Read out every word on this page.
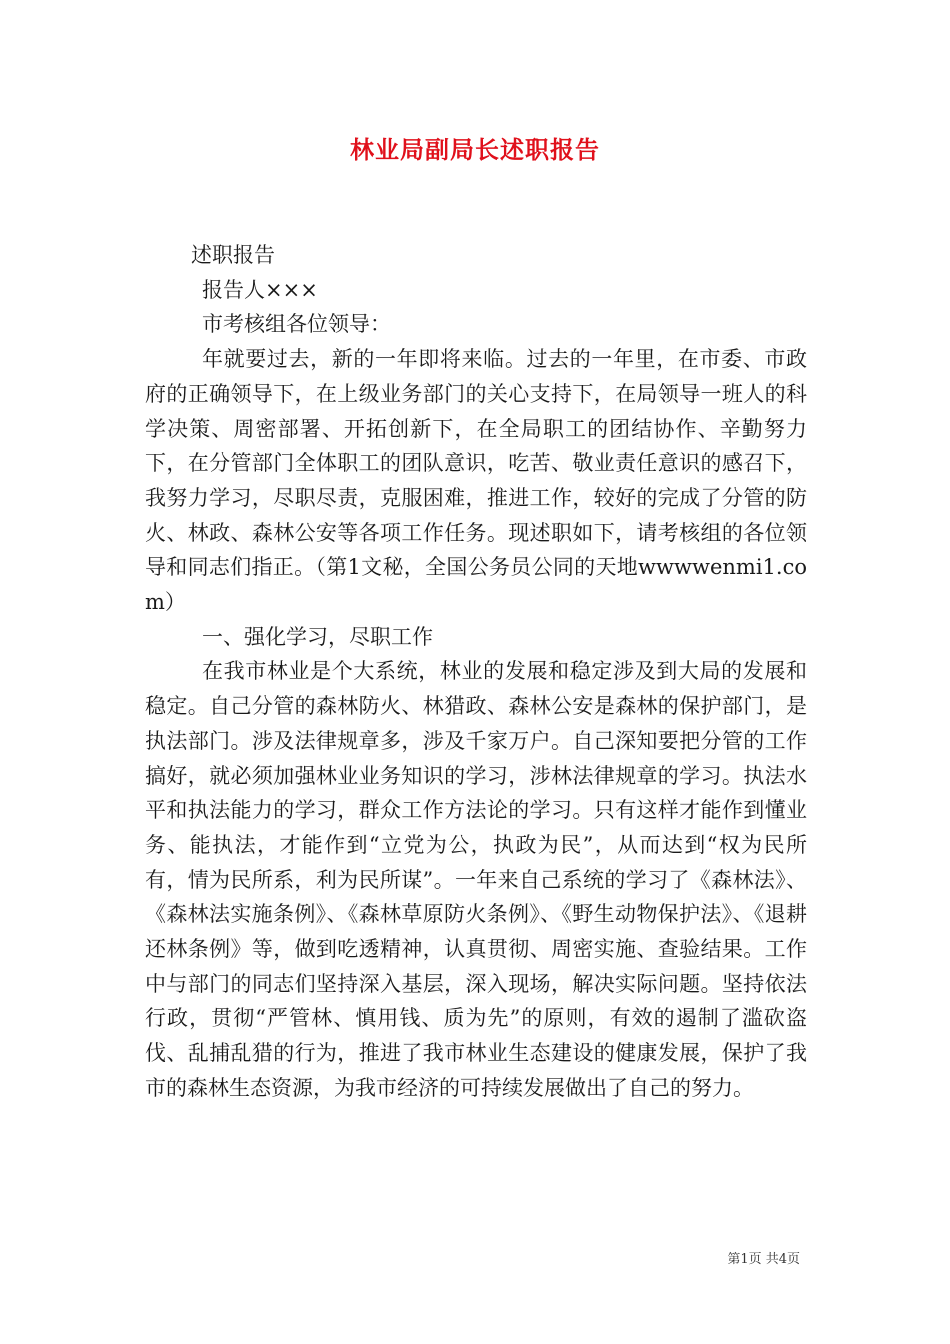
林业局副局长述职报告

述职报告

报告人×××

市考核组各位领导：

年就要过去，新的一年即将来临。过去的一年里，在市委、市政府的正确领导下，在上级业务部门的关心支持下，在局领导一班人的科学决策、周密部署、开拓创新下，在全局职工的团结协作、辛勤努力下，在分管部门全体职工的团队意识，吃苦、敬业责任意识的感召下，我努力学习，尽职尽责，克服困难，推进工作，较好的完成了分管的防火、林政、森林公安等各项工作任务。现述职如下，请考核组的各位领导和同志们指正。（第1文秘，全国公务员公同的天地wwwwenmi1.com）

一、强化学习，尽职工作

在我市林业是个大系统，林业的发展和稳定涉及到大局的发展和稳定。自己分管的森林防火、林猎政、森林公安是森林的保护部门，是执法部门。涉及法律规章多，涉及千家万户。自己深知要把分管的工作搞好，就必须加强林业业务知识的学习，涉林法律规章的学习。执法水平和执法能力的学习，群众工作方法论的学习。只有这样才能作到懂业务、能执法，才能作到“立党为公，执政为民”，从而达到“权为民所有，情为民所系，利为民所谋”。一年来自己系统的学习了《森林法》、《森林法实施条例》、《森林草原防火条例》、《野生动物保护法》、《退耕还林条例》等，做到吃透精神，认真贯彻、周密实施、查验结果。工作中与部门的同志们坚持深入基层，深入现场，解决实际问题。坚持依法行政，贯彻“严管林、慎用钱、质为先”的原则，有效的遏制了滥砍盗伐、乱捕乱猎的行为，推进了我市林业生态建设的健康发展，保护了我市的森林生态资源，为我市经济的可持续发展做出了自己的努力。

第1页 共4页
